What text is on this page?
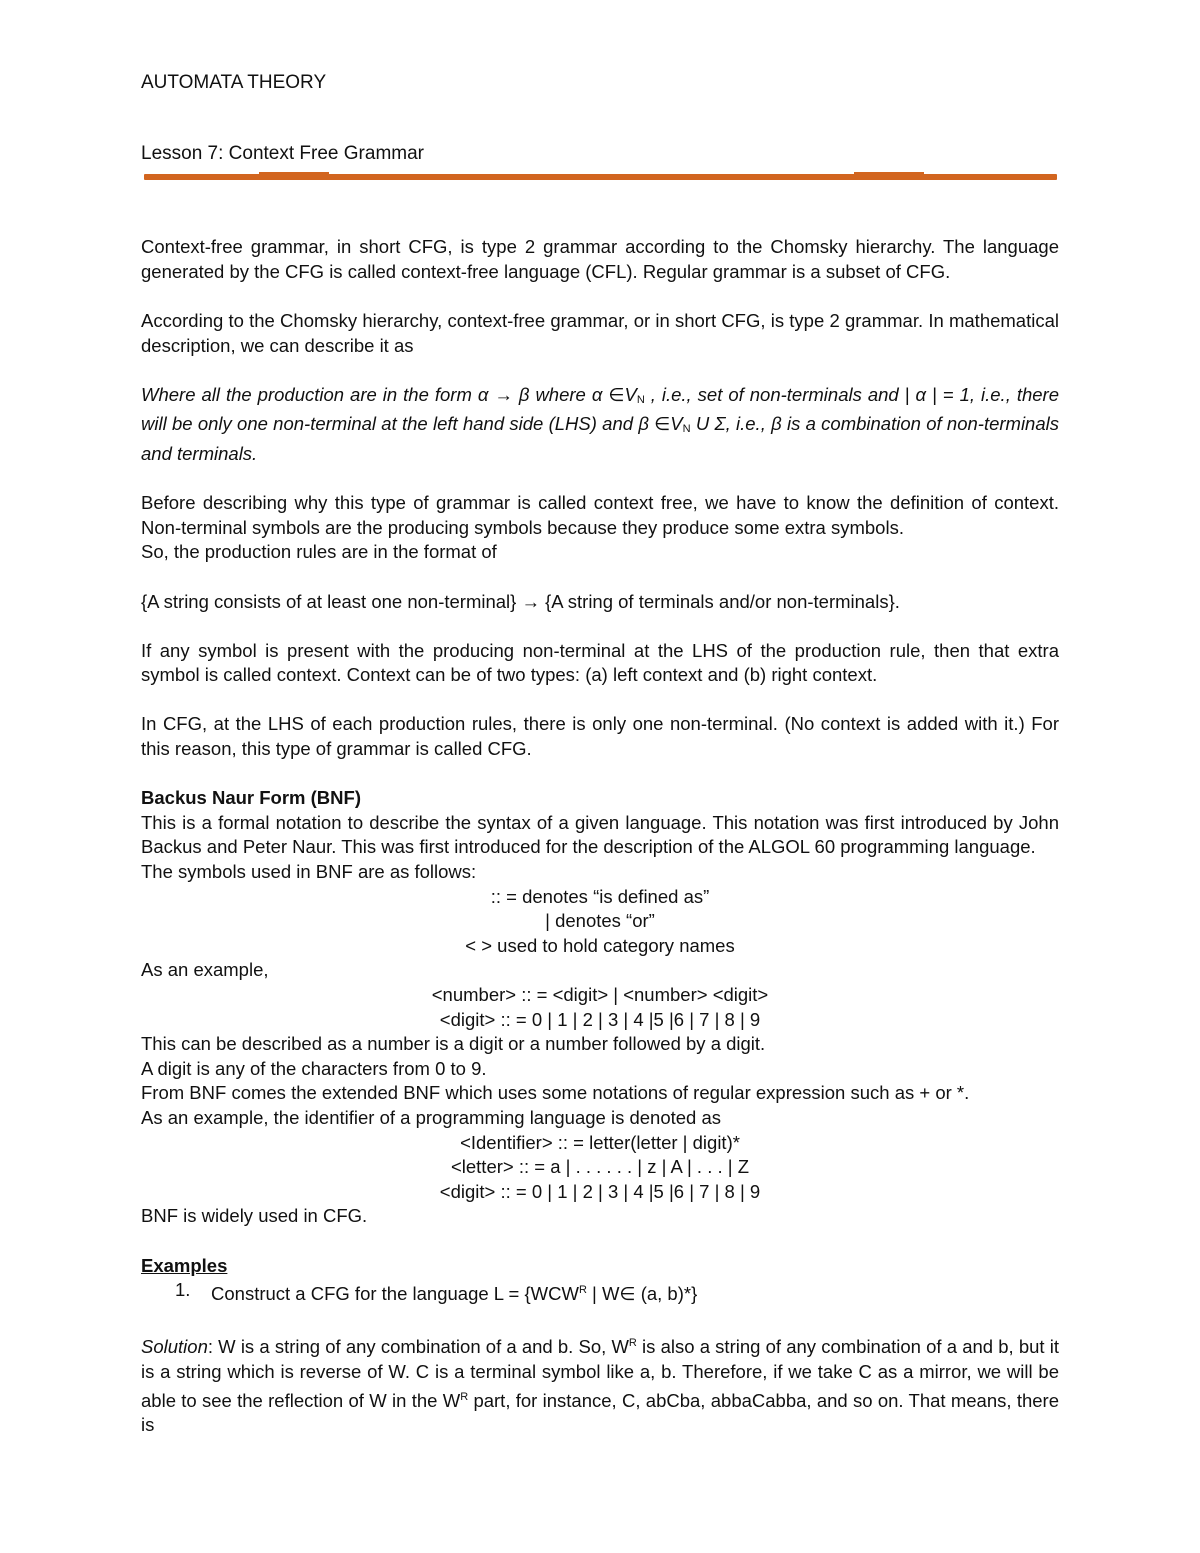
AUTOMATA THEORY

Lesson 7: Context Free Grammar

Context-free grammar, in short CFG, is type 2 grammar according to the Chomsky hierarchy. The language generated by the CFG is called context-free language (CFL). Regular grammar is a subset of CFG.

According to the Chomsky hierarchy, context-free grammar, or in short CFG, is type 2 grammar. In mathematical description, we can describe it as

Where all the production are in the form α → β where α ∈VN , i.e., set of non-terminals and | α | = 1, i.e., there will be only one non-terminal at the left hand side (LHS) and β ∈VN U Σ, i.e., β is a combination of non-terminals and terminals.

Before describing why this type of grammar is called context free, we have to know the definition of context. Non-terminal symbols are the producing symbols because they produce some extra symbols.

So, the production rules are in the format of

{A string consists of at least one non-terminal} → {A string of terminals and/or non-terminals}.

If any symbol is present with the producing non-terminal at the LHS of the production rule, then that extra symbol is called context. Context can be of two types: (a) left context and (b) right context.

In CFG, at the LHS of each production rules, there is only one non-terminal. (No context is added with it.) For this reason, this type of grammar is called CFG.

Backus Naur Form (BNF)

This is a formal notation to describe the syntax of a given language. This notation was first introduced by John Backus and Peter Naur. This was first introduced for the description of the ALGOL 60 programming language.

The symbols used in BNF are as follows:

:: = denotes “is defined as”

| denotes “or”

< > used to hold category names

As an example,

<number> :: = <digit> | <number> <digit>

<digit> :: = 0 | 1 | 2 | 3 | 4 |5 |6 | 7 | 8 | 9

This can be described as a number is a digit or a number followed by a digit.

A digit is any of the characters from 0 to 9.

From BNF comes the extended BNF which uses some notations of regular expression such as + or *.

As an example, the identifier of a programming language is denoted as

<Identifier> :: = letter(letter | digit)*

<letter> :: = a | . . . . . . | z | A | . . . | Z

<digit> :: = 0 | 1 | 2 | 3 | 4 |5 |6 | 7 | 8 | 9

BNF is widely used in CFG.

Examples

1. Construct a CFG for the language $L = \{WCW^R$ | W∈ (a, b)*}

Solution: W is a string of any combination of a and b. So, $W^R$ is also a string of any combination of a and b, but it is a string which is reverse of W. C is a terminal symbol like a, b. Therefore, if we take C as a mirror, we will be able to see the reflection of W in the $W^R$ part, for instance, C, abCba, abbaCabba, and so on. That means, there is
